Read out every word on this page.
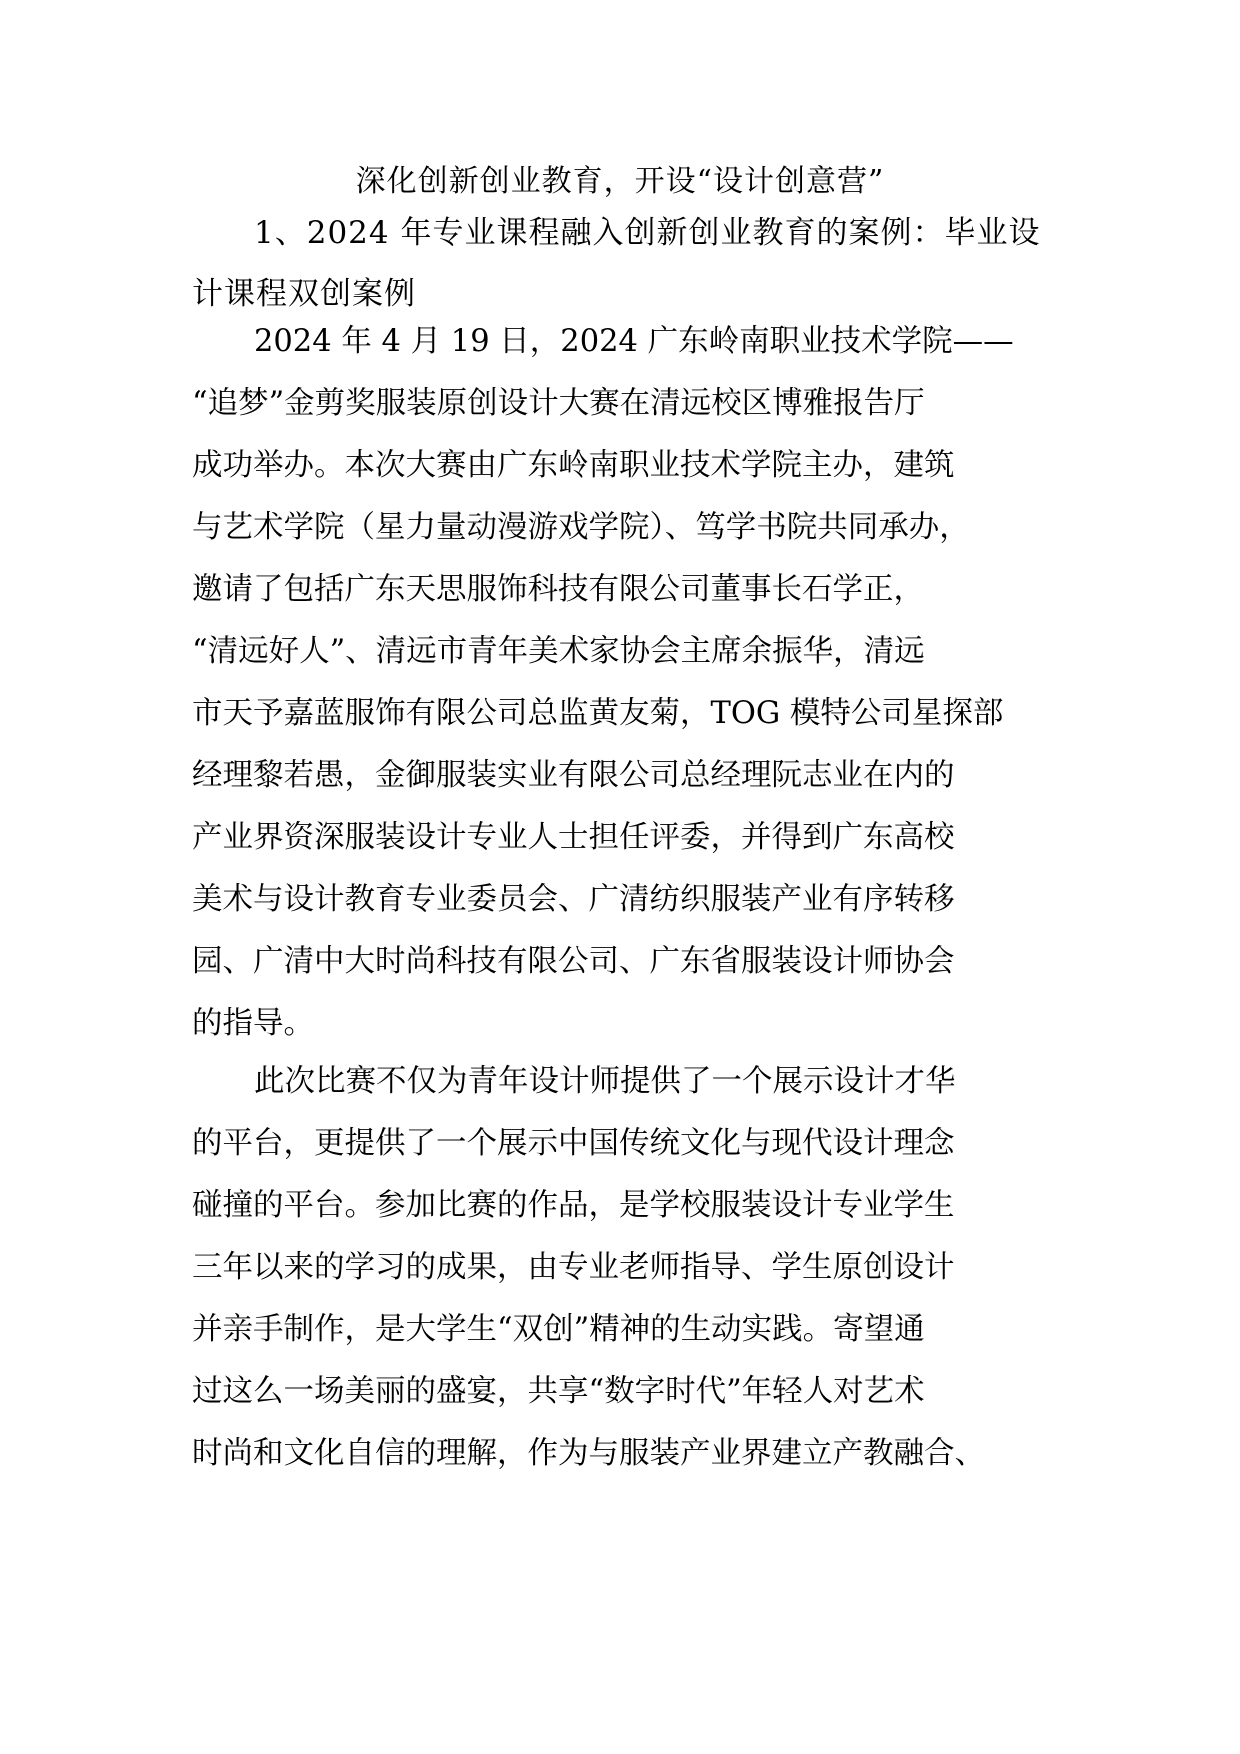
深化创新创业教育，开设“设计创意营”
1、2024 年专业课程融入创新创业教育的案例：毕业设
计课程双创案例
2024 年 4 月 19 日，2024 广东岭南职业技术学院——
“追梦”金剪奖服装原创设计大赛在清远校区博雅报告厅
成功举办。本次大赛由广东岭南职业技术学院主办，建筑
与艺术学院（星力量动漫游戏学院）、笃学书院共同承办，
邀请了包括广东天思服饰科技有限公司董事长石学正，
“清远好人”、清远市青年美术家协会主席余振华，清远
市天予嘉蓝服饰有限公司总监黄友菊，TOG 模特公司星探部
经理黎若愚，金御服装实业有限公司总经理阮志业在内的
产业界资深服装设计专业人士担任评委，并得到广东高校
美术与设计教育专业委员会、广清纺织服装产业有序转移
园、广清中大时尚科技有限公司、广东省服装设计师协会
的指导。
此次比赛不仅为青年设计师提供了一个展示设计才华
的平台，更提供了一个展示中国传统文化与现代设计理念
碰撞的平台。参加比赛的作品，是学校服装设计专业学生
三年以来的学习的成果，由专业老师指导、学生原创设计
并亲手制作，是大学生“双创”精神的生动实践。寄望通
过这么一场美丽的盛宴，共享“数字时代”年轻人对艺术
时尚和文化自信的理解，作为与服装产业界建立产教融合、
